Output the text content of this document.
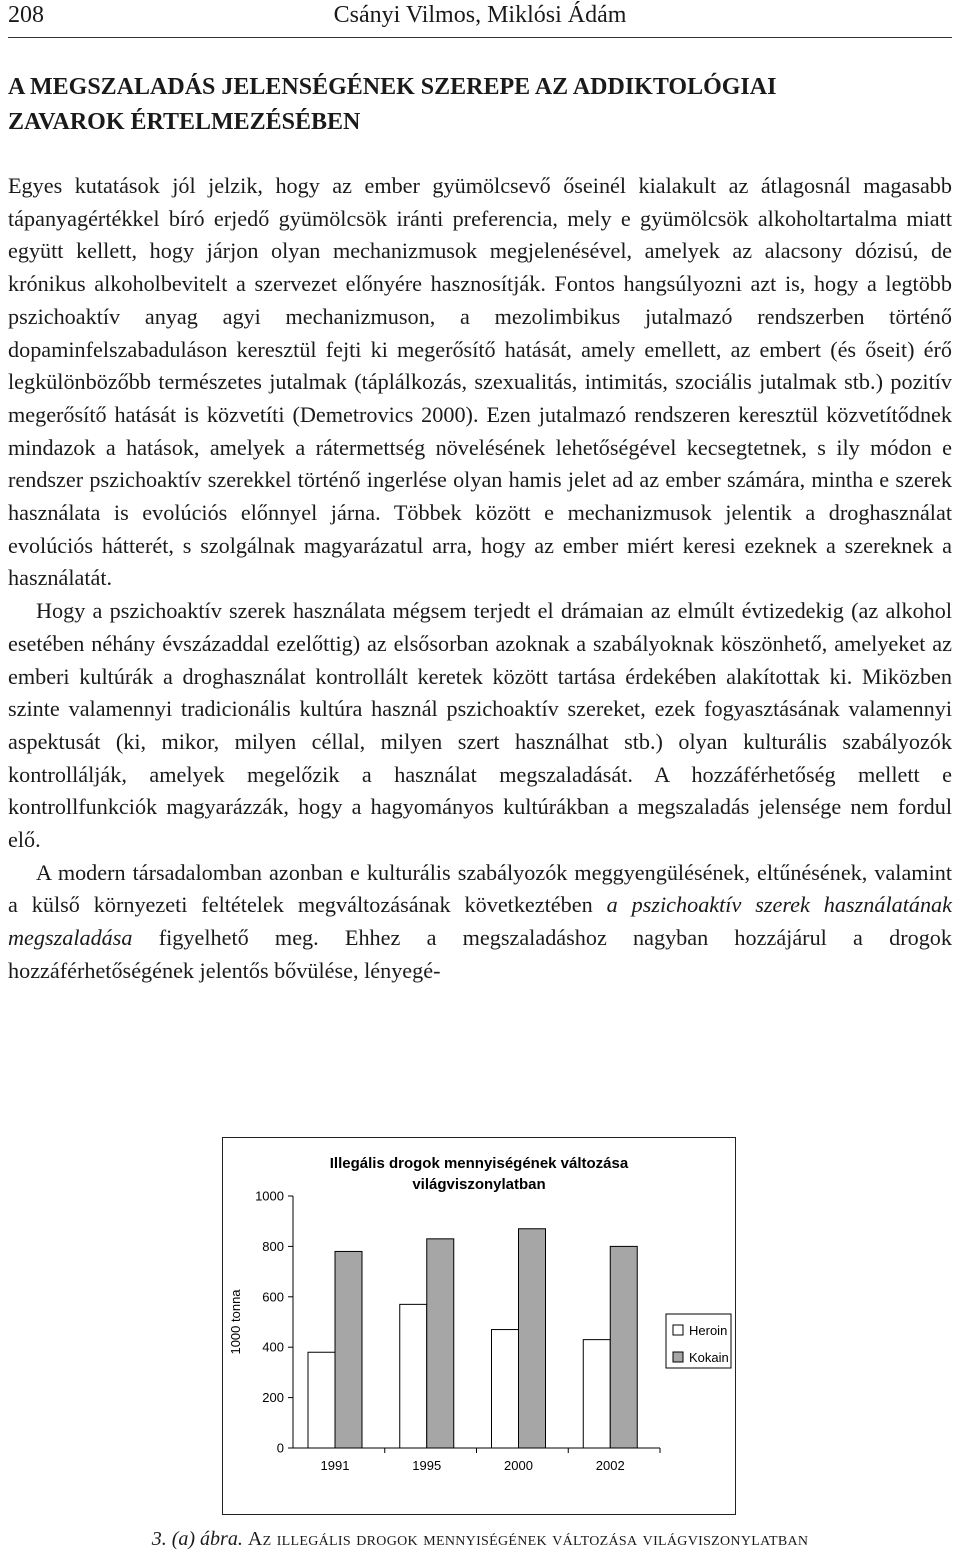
208	Csányi Vilmos, Miklósi Ádám
A MEGSZALADÁS JELENSÉGÉNEK SZEREPE AZ ADDIKTOLÓGIAI
ZAVAROK ÉRTELMEZÉSÉBEN

Egyes kutatások jól jelzik, hogy az ember gyümölcsevő őseinél kialakult az átlagosnál magasabb tápanyagértékkel bíró erjedő gyümölcsök iránti preferencia, mely e gyümölcsök alkoholtartalma miatt együtt kellett, hogy járjon olyan mechanizmusok megjelenésével, amelyek az alacsony dózisú, de krónikus alkoholbevitelt a szervezet előnyére hasznosítják. Fontos hangsúlyozni azt is, hogy a legtöbb pszichoaktív anyag agyi mechanizmuson, a mezolimbikus jutalmazó rendszerben történő dopaminfelszabaduláson keresztül fejti ki megerősítő hatását, amely emellett, az embert (és őseit) érő legkülönbözőbb természetes jutalmak (táplálkozás, szexualitás, intimitás, szociális jutalmak stb.) pozitív megerősítő hatását is közvetíti (Demetrovics 2000). Ezen jutalmazó rendszeren keresztül közvetítődnek mindazok a hatások, amelyek a rátermettség növelésének lehetőségével kecsegtetnek, s ily módon e rendszer pszichoaktív szerekkel történő ingerlése olyan hamis jelet ad az ember számára, mintha e szerek használata is evolúciós előnnyel járna. Többek között e mechanizmusok jelentik a droghasználat evolúciós hátterét, s szolgálnak magyarázatul arra, hogy az ember miért keresi ezeknek a szereknek a használatát.

Hogy a pszichoaktív szerek használata mégsem terjedt el drámaian az elmúlt évtizedekig (az alkohol esetében néhány évszázaddal ezelőttig) az elsősorban azoknak a szabályoknak köszönhető, amelyeket az emberi kultúrák a droghasználat kontrollált keretek között tartása érdekében alakítottak ki. Miközben szinte valamennyi tradicionális kultúra használ pszichoaktív szereket, ezek fogyasztásának valamennyi aspektusát (ki, mikor, milyen céllal, milyen szert használhat stb.) olyan kulturális szabályozók kontrollálják, amelyek megelőzik a használat megszaladását. A hozzáférhetőség mellett e kontrollfunkciók magyarázzák, hogy a hagyományos kultúrákban a megszaladás jelensége nem fordul elő.

A modern társadalomban azonban e kulturális szabályozók meggyengülésének, eltűnésének, valamint a külső környezeti feltételek megváltozásának következtében a pszichoaktív szerek használatának megszaladása figyelhető meg. Ehhez a megszaladáshoz nagyban hozzájárul a drogok hozzáférhetőségének jelentős bővülése, lényegé-

Illegális drogok mennyiségének változása
világviszonylatban
1000 tonna
0
200
400
600
800
1000
1991	1995	2000	2002
Heroin
Kokain
3. (a) ábra. Az illegális drogok mennyiségének változása világviszonylatban
